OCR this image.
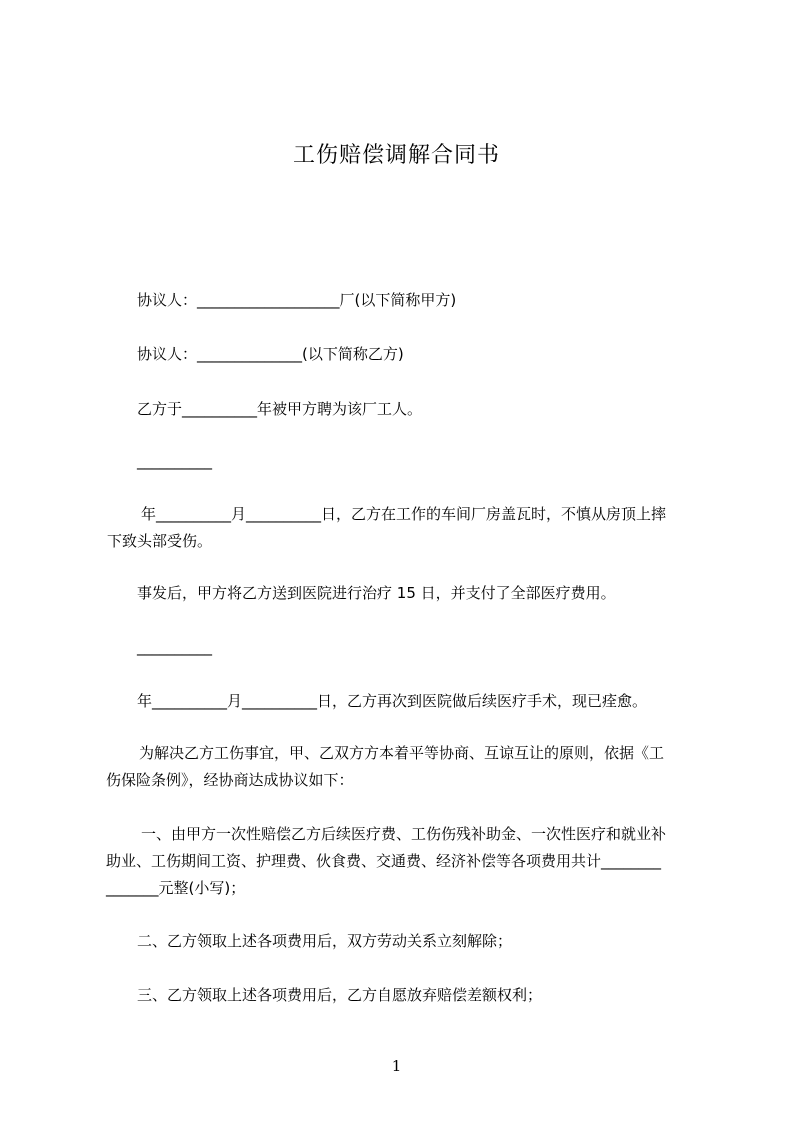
工伤赔偿调解合同书
协议人：___________________厂(以下简称甲方)
协议人：______________(以下简称乙方)
乙方于__________年被甲方聘为该厂工人。
__________
年__________月__________日，乙方在工作的车间厂房盖瓦时，不慎从房顶上摔
下致头部受伤。
事发后，甲方将乙方送到医院进行治疗 15 日，并支付了全部医疗费用。
__________
年__________月__________日，乙方再次到医院做后续医疗手术，现已痊愈。
为解决乙方工伤事宜，甲、乙双方方本着平等协商、互谅互让的原则，依据《工
伤保险条例》，经协商达成协议如下：
一、由甲方一次性赔偿乙方后续医疗费、工伤伤残补助金、一次性医疗和就业补
助业、工伤期间工资、护理费、伙食费、交通费、经济补偿等各项费用共计________
_______元整(小写)；
二、乙方领取上述各项费用后，双方劳动关系立刻解除；
三、乙方领取上述各项费用后，乙方自愿放弃赔偿差额权利；
1
